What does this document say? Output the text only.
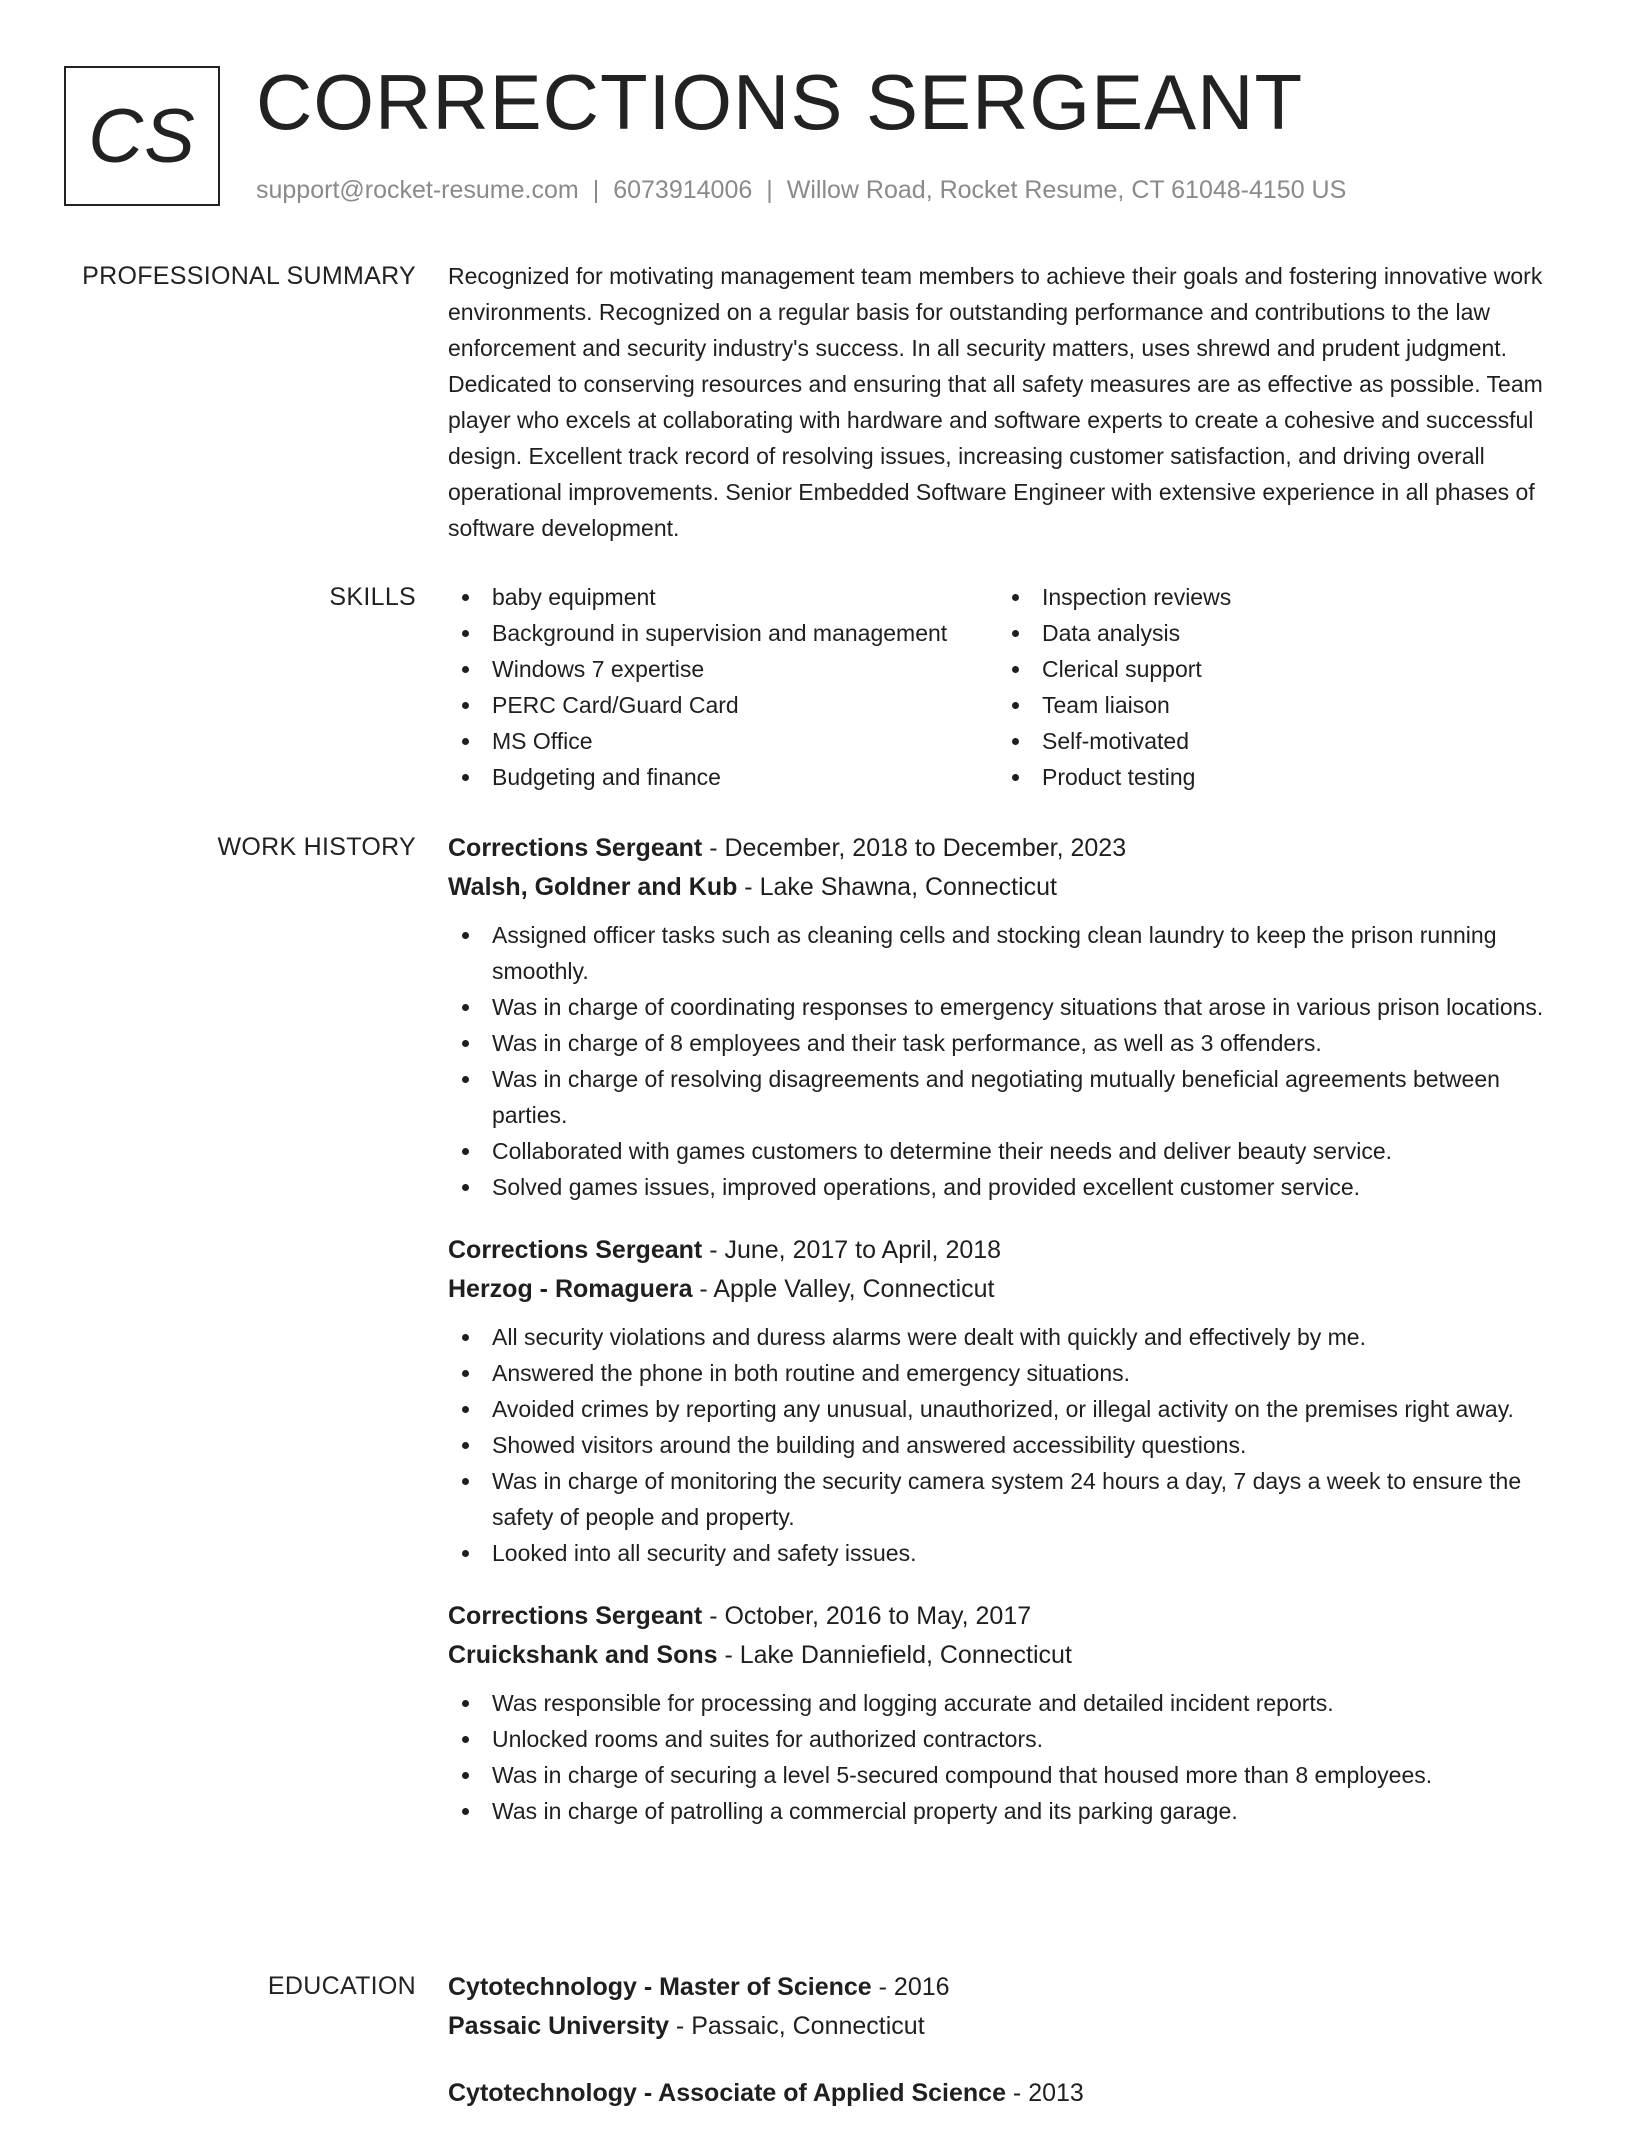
CS CORRECTIONS SERGEANT
support@rocket-resume.com | 6073914006 | Willow Road, Rocket Resume, CT 61048-4150 US
PROFESSIONAL SUMMARY Recognized for motivating management team members to achieve their goals and fostering innovative work environments. Recognized on a regular basis for outstanding performance and contributions to the law enforcement and security industry's success. In all security matters, uses shrewd and prudent judgment. Dedicated to conserving resources and ensuring that all safety measures are as effective as possible. Team player who excels at collaborating with hardware and software experts to create a cohesive and successful design. Excellent track record of resolving issues, increasing customer satisfaction, and driving overall operational improvements. Senior Embedded Software Engineer with extensive experience in all phases of software development.

SKILLS	baby equipment
Background in supervision and management
Windows 7 expertise
PERC Card/Guard Card
MS Office
Budgeting and finance
Inspection reviews
Data analysis
Clerical support
Team liaison
Self-motivated
Product testing
WORK HISTORY Corrections Sergeant - December, 2018 to December, 2023
Walsh, Goldner and Kub - Lake Shawna, Connecticut
Assigned officer tasks such as cleaning cells and stocking clean laundry to keep the prison running smoothly.
Was in charge of coordinating responses to emergency situations that arose in various prison locations.
Was in charge of 8 employees and their task performance, as well as 3 offenders.
Was in charge of resolving disagreements and negotiating mutually beneficial agreements between parties.
Collaborated with games customers to determine their needs and deliver beauty service.
Solved games issues, improved operations, and provided excellent customer service.
Corrections Sergeant - June, 2017 to April, 2018
Herzog - Romaguera - Apple Valley, Connecticut
All security violations and duress alarms were dealt with quickly and effectively by me.
Answered the phone in both routine and emergency situations.
Avoided crimes by reporting any unusual, unauthorized, or illegal activity on the premises right away.
Showed visitors around the building and answered accessibility questions.
Was in charge of monitoring the security camera system 24 hours a day, 7 days a week to ensure the safety of people and property.
Looked into all security and safety issues.
Corrections Sergeant - October, 2016 to May, 2017
Cruickshank and Sons - Lake Danniefield, Connecticut
Was responsible for processing and logging accurate and detailed incident reports.
Unlocked rooms and suites for authorized contractors.
Was in charge of securing a level 5-secured compound that housed more than 8 employees.
Was in charge of patrolling a commercial property and its parking garage.
EDUCATION Cytotechnology - Master of Science - 2016
Passaic University - Passaic, Connecticut
Cytotechnology - Associate of Applied Science - 2013
